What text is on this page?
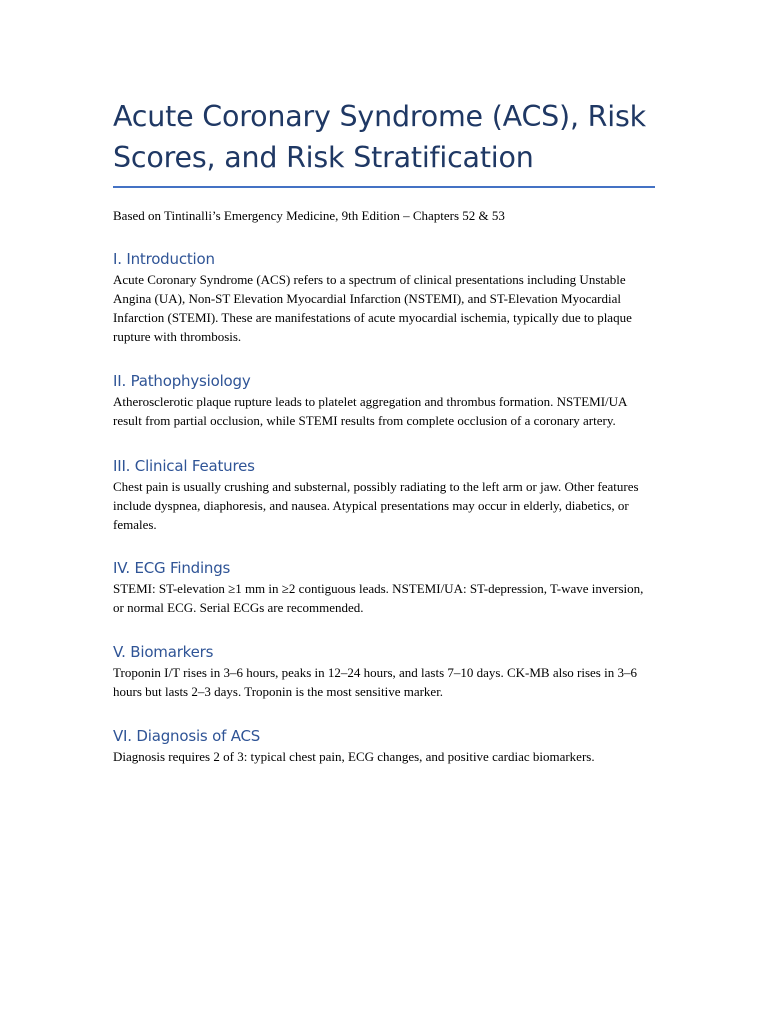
Acute Coronary Syndrome (ACS), Risk Scores, and Risk Stratification

Based on Tintinalli’s Emergency Medicine, 9th Edition – Chapters 52 & 53

I. Introduction

Acute Coronary Syndrome (ACS) refers to a spectrum of clinical presentations including Unstable Angina (UA), Non-ST Elevation Myocardial Infarction (NSTEMI), and ST-Elevation Myocardial Infarction (STEMI). These are manifestations of acute myocardial ischemia, typically due to plaque rupture with thrombosis.

II. Pathophysiology

Atherosclerotic plaque rupture leads to platelet aggregation and thrombus formation. NSTEMI/UA result from partial occlusion, while STEMI results from complete occlusion of a coronary artery.

III. Clinical Features

Chest pain is usually crushing and substernal, possibly radiating to the left arm or jaw. Other features include dyspnea, diaphoresis, and nausea. Atypical presentations may occur in elderly, diabetics, or females.

IV. ECG Findings

STEMI: ST-elevation ≥1 mm in ≥2 contiguous leads. NSTEMI/UA: ST-depression, T-wave inversion, or normal ECG. Serial ECGs are recommended.

V. Biomarkers

Troponin I/T rises in 3–6 hours, peaks in 12–24 hours, and lasts 7–10 days. CK-MB also rises in 3–6 hours but lasts 2–3 days. Troponin is the most sensitive marker.

VI. Diagnosis of ACS

Diagnosis requires 2 of 3: typical chest pain, ECG changes, and positive cardiac biomarkers.
